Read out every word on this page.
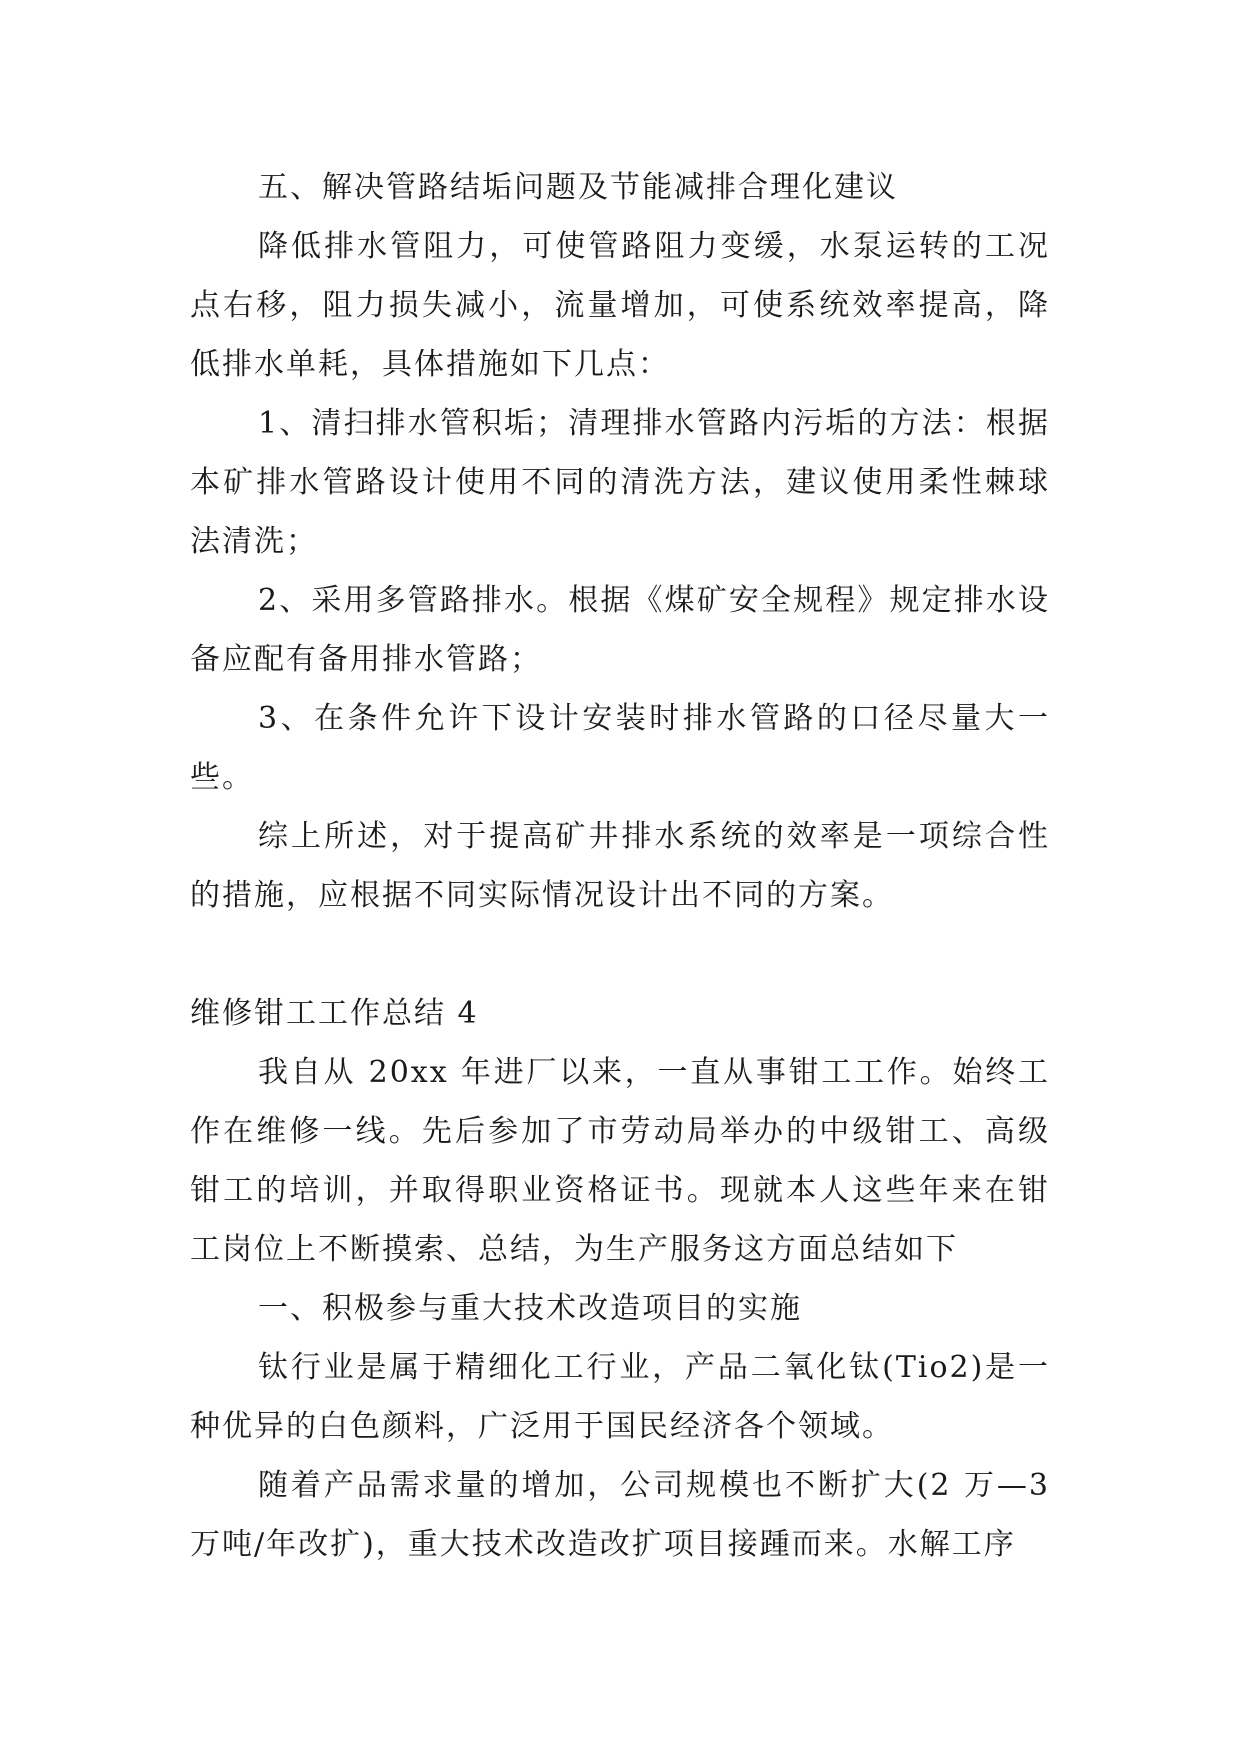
五、解决管路结垢问题及节能减排合理化建议

降低排水管阻力，可使管路阻力变缓，水泵运转的工况点右移，阻力损失减小，流量增加，可使系统效率提高，降低排水单耗，具体措施如下几点：

1、清扫排水管积垢；清理排水管路内污垢的方法：根据本矿排水管路设计使用不同的清洗方法，建议使用柔性棘球法清洗；

2、采用多管路排水。根据《煤矿安全规程》规定排水设备应配有备用排水管路；

3、在条件允许下设计安装时排水管路的口径尽量大一些。

综上所述，对于提高矿井排水系统的效率是一项综合性的措施，应根据不同实际情况设计出不同的方案。

维修钳工工作总结 4

我自从 20xx 年进厂以来，一直从事钳工工作。始终工作在维修一线。先后参加了市劳动局举办的中级钳工、高级钳工的培训，并取得职业资格证书。现就本人这些年来在钳工岗位上不断摸索、总结，为生产服务这方面总结如下

一、积极参与重大技术改造项目的实施

钛行业是属于精细化工行业，产品二氧化钛(Tio2)是一种优异的白色颜料，广泛用于国民经济各个领域。

随着产品需求量的增加，公司规模也不断扩大(2 万—3 万吨/年改扩)，重大技术改造改扩项目接踵而来。水解工序
